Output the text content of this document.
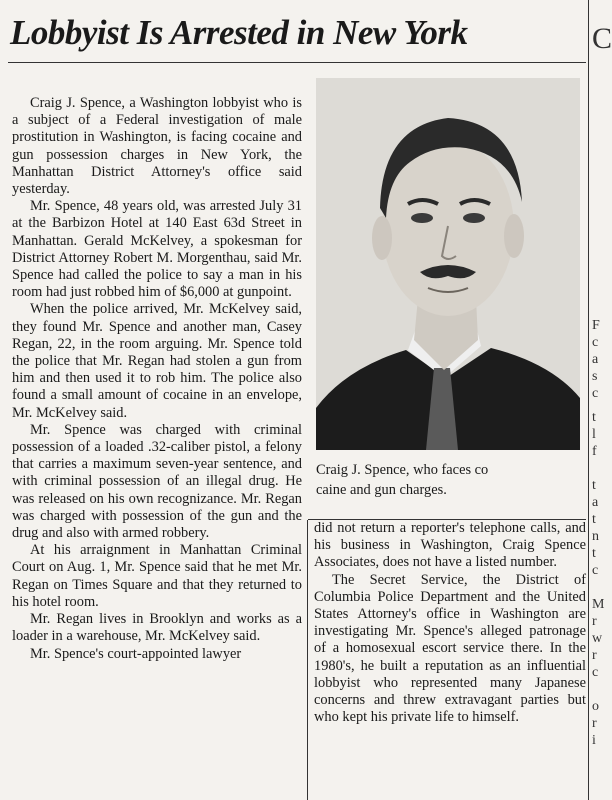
Lobbyist Is Arrested in New York

Craig J. Spence, a Washington lobbyist who is a subject of a Federal investigation of male prostitution in Washington, is facing cocaine and gun possession charges in New York, the Manhattan District Attorney's office said yesterday.

Mr. Spence, 48 years old, was arrested July 31 at the Barbizon Hotel at 140 East 63d Street in Manhattan. Gerald McKelvey, a spokesman for District Attorney Robert M. Morgenthau, said Mr. Spence had called the police to say a man in his room had just robbed him of $6,000 at gunpoint.

When the police arrived, Mr. McKelvey said, they found Mr. Spence and another man, Casey Regan, 22, in the room arguing. Mr. Spence told the police that Mr. Regan had stolen a gun from him and then used it to rob him. The police also found a small amount of cocaine in an envelope, Mr. McKelvey said.

Mr. Spence was charged with criminal possession of a loaded .32-caliber pistol, a felony that carries a maximum seven-year sentence, and with criminal possession of an illegal drug. He was released on his own recognizance. Mr. Regan was charged with possession of the gun and the drug and also with armed robbery.

At his arraignment in Manhattan Criminal Court on Aug. 1, Mr. Spence said that he met Mr. Regan on Times Square and that they returned to his hotel room.

Mr. Regan lives in Brooklyn and works as a loader in a warehouse, Mr. McKelvey said.

Mr. Spence's court-appointed lawyer

Craig J. Spence, who faces co
caine and gun charges.

did not return a reporter's telephone calls, and his business in Washington, Craig Spence Associates, does not have a listed number.

The Secret Service, the District of Columbia Police Department and the United States Attorney's office in Washington are investigating Mr. Spence's alleged patronage of a homosexual escort service there. In the 1980's, he built a reputation as an influential lobbyist who represented many Japanese concerns and threw extravagant parties but who kept his private life to himself.

C
F
c
a
s
c
t
l
f
t
a
t
n
t
c
M
r
w
r
c
o
r
i
